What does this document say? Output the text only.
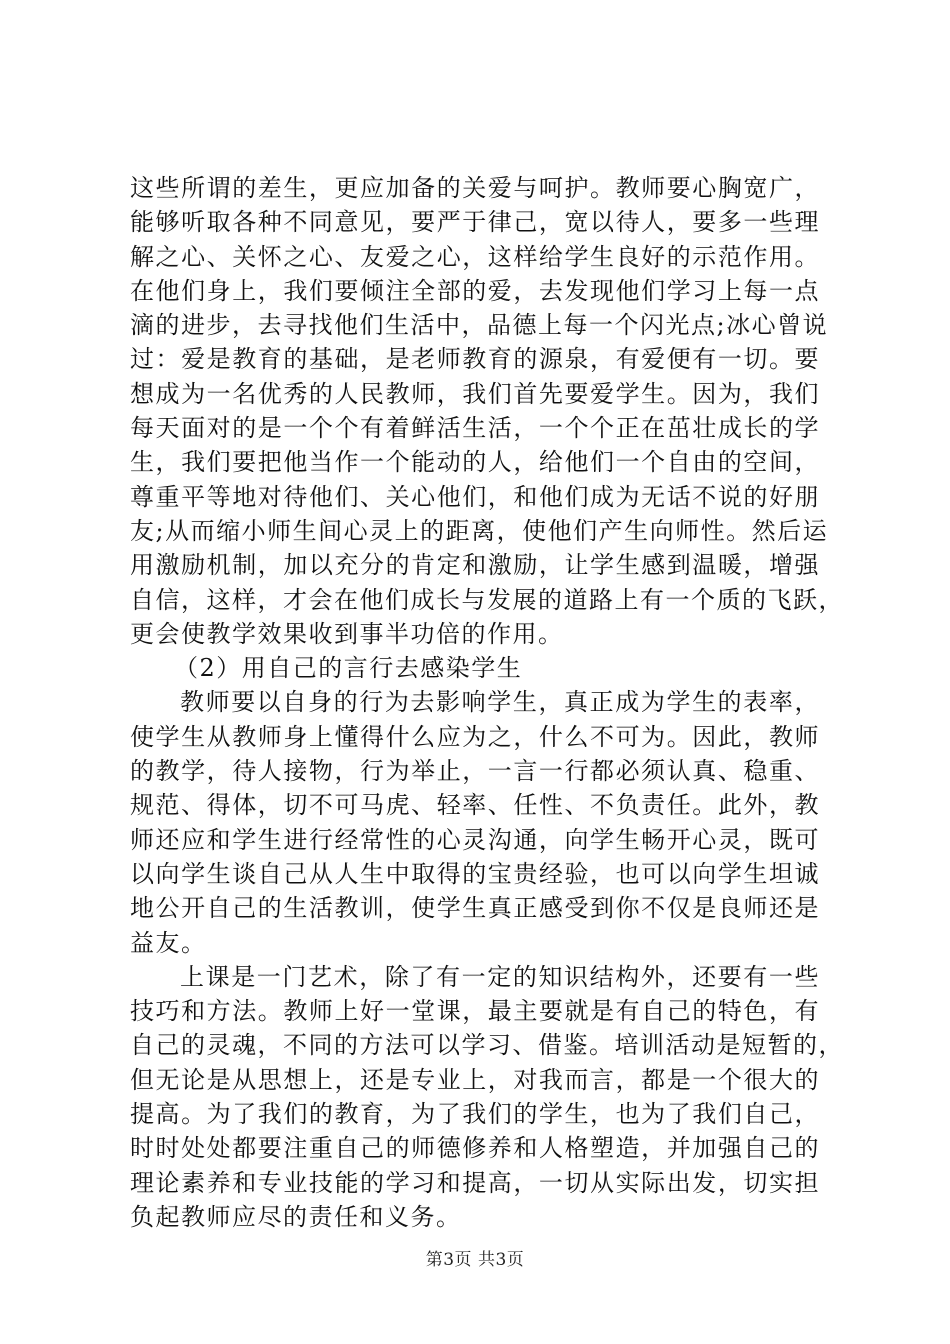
这些所谓的差生，更应加备的关爱与呵护。教师要心胸宽广，
能够听取各种不同意见，要严于律己，宽以待人，要多一些理
解之心、关怀之心、友爱之心，这样给学生良好的示范作用。
在他们身上，我们要倾注全部的爱，去发现他们学习上每一点
滴的进步，去寻找他们生活中，品德上每一个闪光点;冰心曾说
过：爱是教育的基础，是老师教育的源泉，有爱便有一切。要
想成为一名优秀的人民教师，我们首先要爱学生。因为，我们
每天面对的是一个个有着鲜活生活，一个个正在茁壮成长的学
生，我们要把他当作一个能动的人，给他们一个自由的空间，
尊重平等地对待他们、关心他们，和他们成为无话不说的好朋
友;从而缩小师生间心灵上的距离，使他们产生向师性。然后运
用激励机制，加以充分的肯定和激励，让学生感到温暖，增强
自信，这样，才会在他们成长与发展的道路上有一个质的飞跃，
更会使教学效果收到事半功倍的作用。
（2）用自己的言行去感染学生
教师要以自身的行为去影响学生，真正成为学生的表率，
使学生从教师身上懂得什么应为之，什么不可为。因此，教师
的教学，待人接物，行为举止，一言一行都必须认真、稳重、
规范、得体，切不可马虎、轻率、任性、不负责任。此外，教
师还应和学生进行经常性的心灵沟通，向学生畅开心灵，既可
以向学生谈自己从人生中取得的宝贵经验，也可以向学生坦诚
地公开自己的生活教训，使学生真正感受到你不仅是良师还是
益友。
上课是一门艺术，除了有一定的知识结构外，还要有一些
技巧和方法。教师上好一堂课，最主要就是有自己的特色，有
自己的灵魂，不同的方法可以学习、借鉴。培训活动是短暂的，
但无论是从思想上，还是专业上，对我而言，都是一个很大的
提高。为了我们的教育，为了我们的学生，也为了我们自己，
时时处处都要注重自己的师德修养和人格塑造，并加强自己的
理论素养和专业技能的学习和提高，一切从实际出发，切实担
负起教师应尽的责任和义务。
第3页 共3页
